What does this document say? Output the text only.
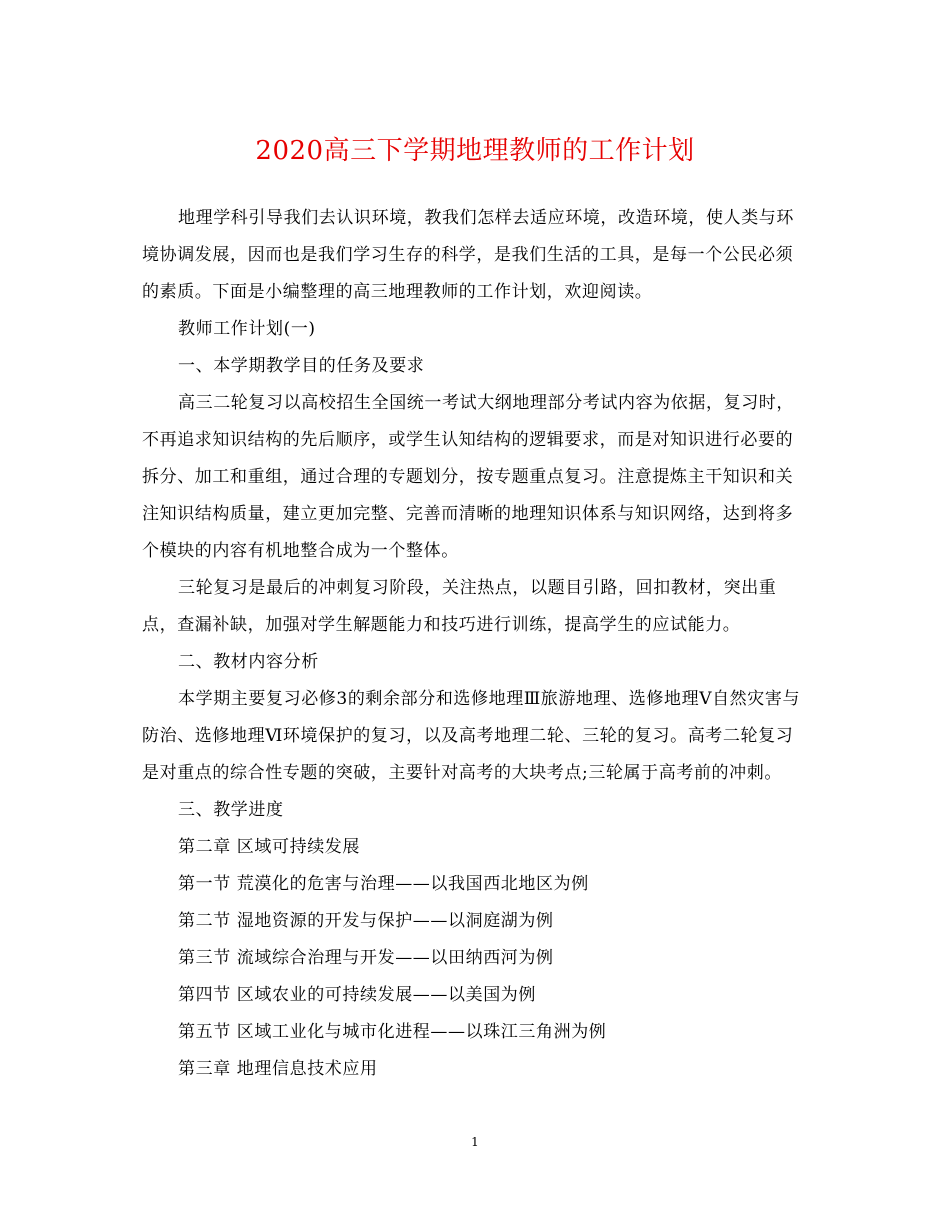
2020高三下学期地理教师的工作计划

地理学科引导我们去认识环境，教我们怎样去适应环境，改造环境，使人类与环境协调发展，因而也是我们学习生存的科学，是我们生活的工具，是每一个公民必须的素质。下面是小编整理的高三地理教师的工作计划，欢迎阅读。

教师工作计划(一)

一、本学期教学目的任务及要求

高三二轮复习以高校招生全国统一考试大纲地理部分考试内容为依据，复习时，不再追求知识结构的先后顺序，或学生认知结构的逻辑要求，而是对知识进行必要的拆分、加工和重组，通过合理的专题划分，按专题重点复习。注意提炼主干知识和关注知识结构质量，建立更加完整、完善而清晰的地理知识体系与知识网络，达到将多个模块的内容有机地整合成为一个整体。

三轮复习是最后的冲刺复习阶段，关注热点，以题目引路，回扣教材，突出重点，查漏补缺，加强对学生解题能力和技巧进行训练，提高学生的应试能力。

二、教材内容分析

本学期主要复习必修3的剩余部分和选修地理Ⅲ旅游地理、选修地理Ⅴ自然灾害与防治、选修地理Ⅵ环境保护的复习，以及高考地理二轮、三轮的复习。高考二轮复习是对重点的综合性专题的突破，主要针对高考的大块考点;三轮属于高考前的冲刺。

三、教学进度

第二章 区域可持续发展

第一节 荒漠化的危害与治理——以我国西北地区为例

第二节 湿地资源的开发与保护——以洞庭湖为例

第三节 流域综合治理与开发——以田纳西河为例

第四节 区域农业的可持续发展——以美国为例

第五节 区域工业化与城市化进程——以珠江三角洲为例

第三章 地理信息技术应用

1
